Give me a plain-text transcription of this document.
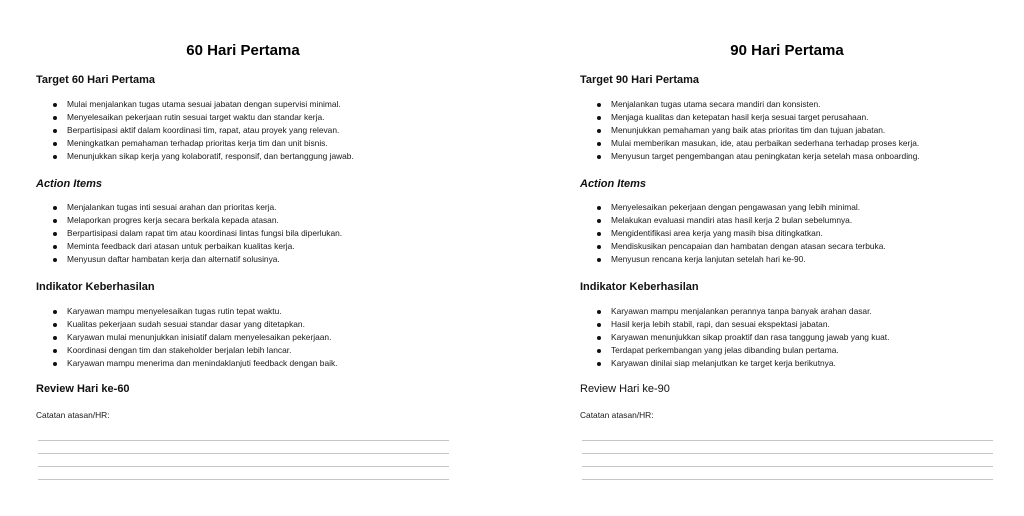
60 Hari Pertama
Target 60 Hari Pertama
Mulai menjalankan tugas utama sesuai jabatan dengan supervisi minimal.
Menyelesaikan pekerjaan rutin sesuai target waktu dan standar kerja.
Berpartisipasi aktif dalam koordinasi tim, rapat, atau proyek yang relevan.
Meningkatkan pemahaman terhadap prioritas kerja tim dan unit bisnis.
Menunjukkan sikap kerja yang kolaboratif, responsif, dan bertanggung jawab.
Action Items
Menjalankan tugas inti sesuai arahan dan prioritas kerja.
Melaporkan progres kerja secara berkala kepada atasan.
Berpartisipasi dalam rapat tim atau koordinasi lintas fungsi bila diperlukan.
Meminta feedback dari atasan untuk perbaikan kualitas kerja.
Menyusun daftar hambatan kerja dan alternatif solusinya.
Indikator Keberhasilan
Karyawan mampu menyelesaikan tugas rutin tepat waktu.
Kualitas pekerjaan sudah sesuai standar dasar yang ditetapkan.
Karyawan mulai menunjukkan inisiatif dalam menyelesaikan pekerjaan.
Koordinasi dengan tim dan stakeholder berjalan lebih lancar.
Karyawan mampu menerima dan menindaklanjuti feedback dengan baik.
Review Hari ke-60
Catatan atasan/HR:
90 Hari Pertama
Target 90 Hari Pertama
Menjalankan tugas utama secara mandiri dan konsisten.
Menjaga kualitas dan ketepatan hasil kerja sesuai target perusahaan.
Menunjukkan pemahaman yang baik atas prioritas tim dan tujuan jabatan.
Mulai memberikan masukan, ide, atau perbaikan sederhana terhadap proses kerja.
Menyusun target pengembangan atau peningkatan kerja setelah masa onboarding.
Action Items
Menyelesaikan pekerjaan dengan pengawasan yang lebih minimal.
Melakukan evaluasi mandiri atas hasil kerja 2 bulan sebelumnya.
Mengidentifikasi area kerja yang masih bisa ditingkatkan.
Mendiskusikan pencapaian dan hambatan dengan atasan secara terbuka.
Menyusun rencana kerja lanjutan setelah hari ke-90.
Indikator Keberhasilan
Karyawan mampu menjalankan perannya tanpa banyak arahan dasar.
Hasil kerja lebih stabil, rapi, dan sesuai ekspektasi jabatan.
Karyawan menunjukkan sikap proaktif dan rasa tanggung jawab yang kuat.
Terdapat perkembangan yang jelas dibanding bulan pertama.
Karyawan dinilai siap melanjutkan ke target kerja berikutnya.
Review Hari ke-90
Catatan atasan/HR:
